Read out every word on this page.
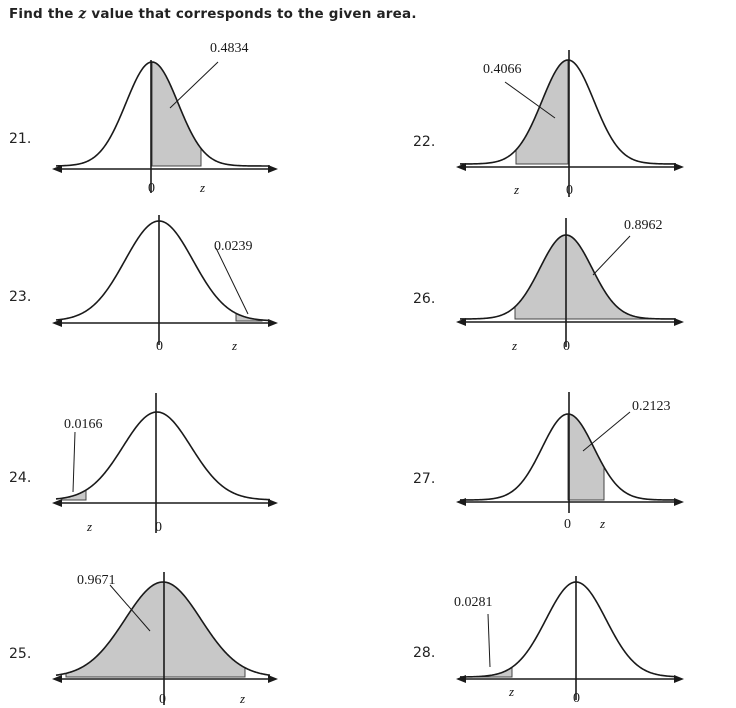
Find the z value that corresponds to the given area.
21.
0	z
0.4834
22.
z	0
0.4066
23.
0	z
0.0239
26.
z	0
0.8962
24.
z	0
0.0166
27.
0 z
0.2123
25.
0	z
0.9671
28.
z	0
0.0281
